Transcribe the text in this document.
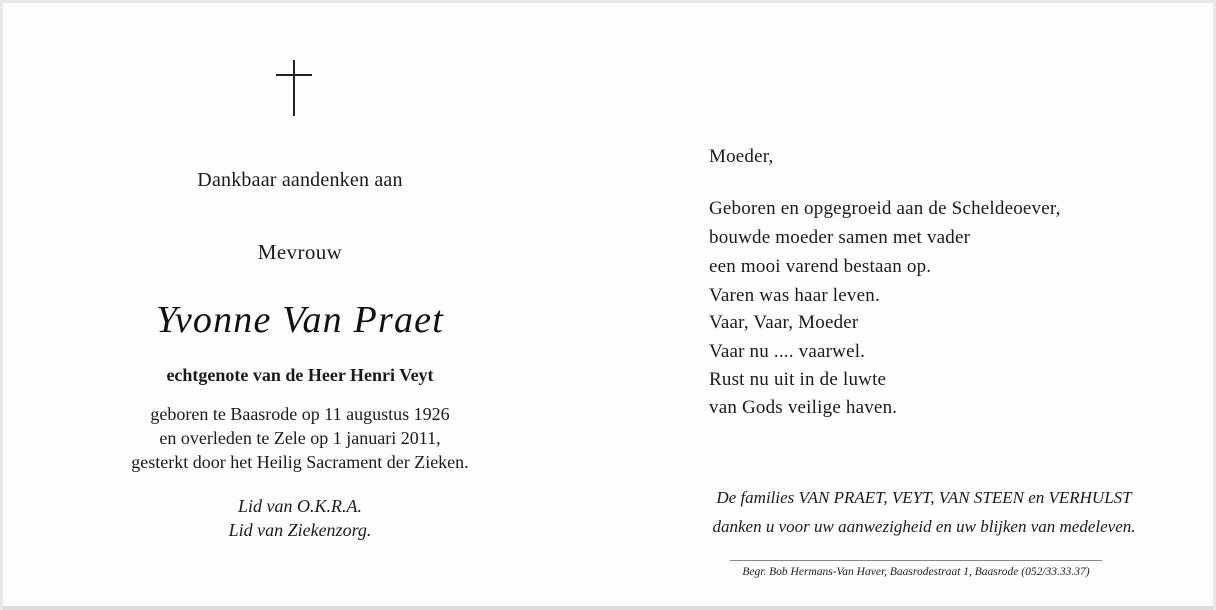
Dankbaar aandenken aan
Mevrouw
Yvonne Van Praet
echtgenote van de Heer Henri Veyt
geboren te Baasrode op 11 augustus 1926
en overleden te Zele op 1 januari 2011,
gesterkt door het Heilig Sacrament der Zieken.
Lid van O.K.R.A.
Lid van Ziekenzorg.
Moeder,
Geboren en opgegroeid aan de Scheldeoever,
bouwde moeder samen met vader
een mooi varend bestaan op.
Varen was haar leven.
Vaar, Vaar, Moeder
Vaar nu .... vaarwel.
Rust nu uit in de luwte
van Gods veilige haven.
De families VAN PRAET, VEYT, VAN STEEN en VERHULST
danken u voor uw aanwezigheid en uw blijken van medeleven.
Begr. Bob Hermans-Van Haver, Baasrodestraat 1, Baasrode (052/33.33.37)
